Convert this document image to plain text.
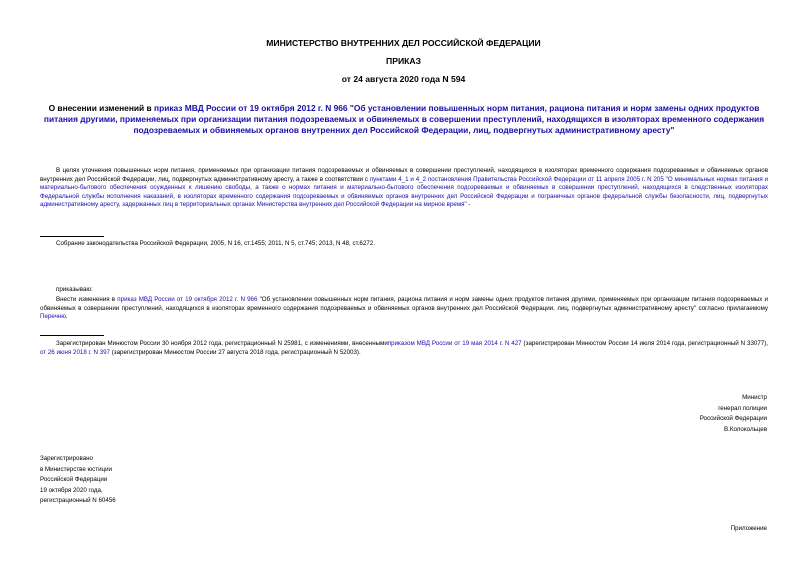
МИНИСТЕРСТВО ВНУТРЕННИХ ДЕЛ РОССИЙСКОЙ ФЕДЕРАЦИИ
ПРИКАЗ
от 24 августа 2020 года N 594
О внесении изменений в приказ МВД России от 19 октября 2012 г. N 966 "Об установлении повышенных норм питания, рациона питания и норм замены одних продуктов питания другими, применяемых при организации питания подозреваемых и обвиняемых в совершении преступлений, находящихся в изоляторах временного содержания подозреваемых и обвиняемых органов внутренних дел Российской Федерации, лиц, подвергнутых административному аресту"
В целях уточнения повышенных норм питания, применяемых при организации питания подозреваемых и обвиняемых в совершении преступлений, находящихся в изоляторах временного содержания подозреваемых и обвиняемых органов внутренних дел Российской Федерации, лиц, подвергнутых административному аресту, а также в соответствии с пунктами 4_1 и 4_2 постановления Правительства Российской Федерации от 11 апреля 2005 г. N 205 "О минимальных нормах питания и материально-бытового обеспечения осужденных к лишению свободы, а также о нормах питания и материально-бытового обеспечения подозреваемых и обвиняемых в совершении преступлений, находящихся в следственных изоляторах Федеральной службы исполнения наказаний, в изоляторах временного содержания подозреваемых и обвиняемых органов внутренних дел Российской Федерации и пограничных органов федеральной службы безопасности, лиц, подвергнутых административному аресту, задержанных лиц в территориальных органах Министерства внутренних дел Российской Федерации на мирное время" -
Собрание законодательства Российской Федерации, 2005, N 16, ст.1455; 2011, N 5, ст.745; 2013, N 48, ст.6272.
приказываю:
Внести изменения в приказ МВД России от 19 октября 2012 г. N 966 "Об установлении повышенных норм питания, рациона питания и норм замены одних продуктов питания другими, применяемых при организации питания подозреваемых и обвиняемых в совершении преступлений, находящихся в изоляторах временного содержания подозреваемых и обвиняемых органов внутренних дел Российской Федерации, лиц, подвергнутых административному аресту" согласно прилагаемому Перечню.
Зарегистрирован Минюстом России 30 ноября 2012 года, регистрационный N 25981, с изменениями, внесеннымиприказом МВД России от 19 мая 2014 г. N 427 (зарегистрирован Минюстом России 14 июля 2014 года, регистрационный N 33077), от 26 июня 2018 г. N 397 (зарегистрирован Минюстом России 27 августа 2018 года, регистрационный N 52003).
Министр
генерал полиции
Российской Федерации
В.Колокольцев
Зарегистрировано
в Министерстве юстиции
Российской Федерации
19 октября 2020 года,
регистрационный N 60456
Приложение
